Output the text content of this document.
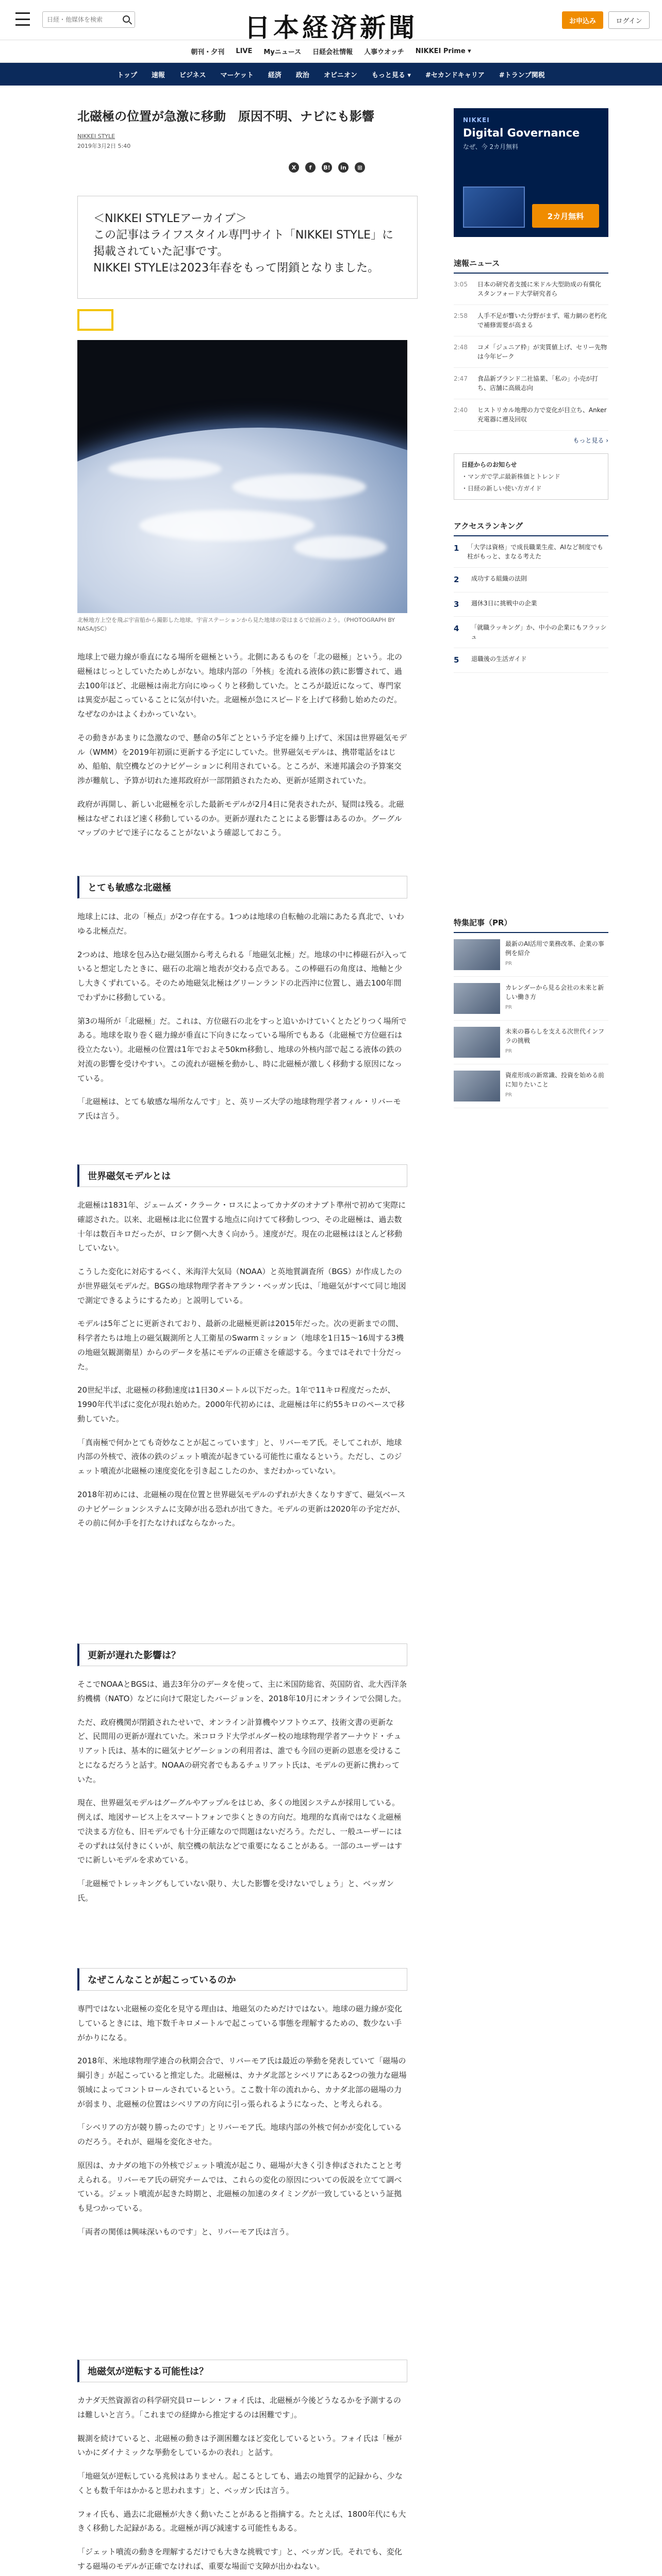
日経・他媒体を検索
日本経済新聞	お申込み	ログイン
朝刊・夕刊 LIVE Myニュース 日経会社情報 人事ウオッチ NIKKEI Prime ▾
トップ 速報 ビジネス マーケット 経済 政治 オピニオン もっと見る ▾ #セカンドキャリア #トランプ関税
北磁極の位置が急激に移動　原因不明、ナビにも影響
NIKKEI STYLE
2019年3月2日 5:40
X	f	B!	in	⊞
＜NIKKEI STYLEアーカイブ＞
この記事はライフスタイル専門サイト「NIKKEI STYLE」に掲載されていた記事です。
NIKKEI STYLEは2023年春をもって閉鎖となりました。
北極地方上空を飛ぶ宇宙船から撮影した地球。宇宙ステーションから見た地球の姿はまるで絵画のよう。（PHOTOGRAPH BY NASA/JSC）

地球上で磁力線が垂直になる場所を磁極という。北側にあるものを「北の磁極」という。北の磁極はじっとしていたためしがない。地球内部の「外核」を流れる液体の鉄に影響されて、過去100年ほど、北磁極は南北方向にゆっくりと移動していた。ところが最近になって、専門家は異変が起こっていることに気が付いた。北磁極が急にスピードを上げて移動し始めたのだ。なぜなのかはよくわかっていない。

その動きがあまりに急激なので、懸命の5年ごとという予定を繰り上げて、米国は世界磁気モデル（WMM）を2019年初頭に更新する予定にしていた。世界磁気モデルは、携帯電話をはじめ、船舶、航空機などのナビゲーションに利用されている。ところが、米連邦議会の予算案交渉が難航し、予算が切れた連邦政府が一部閉鎖されたため、更新が延期されていた。

政府が再開し、新しい北磁極を示した最新モデルが2月4日に発表されたが、疑問は残る。北磁極はなぜこれほど速く移動しているのか。更新が遅れたことによる影響はあるのか。グーグルマップのナビで迷子になることがないよう確認しておこう。

とても敏感な北磁極

地球上には、北の「極点」が2つ存在する。1つめは地球の自転軸の北端にあたる真北で、いわゆる北極点だ。

2つめは、地球を包み込む磁気圏から考えられる「地磁気北極」だ。地球の中に棒磁石が入っていると想定したときに、磁石の北端と地表が交わる点である。この棒磁石の角度は、地軸と少し大きくずれている。そのため地磁気北極はグリーンランドの北西沖に位置し、過去100年間でわずかに移動している。

第3の場所が「北磁極」だ。これは、方位磁石の北をすっと追いかけていくとたどりつく場所である。地球を取り巻く磁力線が垂直に下向きになっている場所でもある（北磁極で方位磁石は役立たない）。北磁極の位置は1年でおよそ50km移動し、地球の外核内部で起こる液体の鉄の対流の影響を受けやすい。この流れが磁極を動かし、時に北磁極が激しく移動する原因になっている。

「北磁極は、とても敏感な場所なんです」と、英リーズ大学の地球物理学者フィル・リバーモア氏は言う。

世界磁気モデルとは

北磁極は1831年、ジェームズ・クラーク・ロスによってカナダのオナブト準州で初めて実際に確認された。以来、北磁極は北に位置する地点に向けてて移動しつつ、その北磁極は、過去数十年は数百キロだったが、ロシア側へ大きく向かう。速度がだ。現在の北磁極はほとんど移動していない。

こうした変化に対応するべく、米海洋大気局（NOAA）と英地質調査所（BGS）が作成したのが世界磁気モデルだ。BGSの地球物理学者キアラン・ベッガン氏は、「地磁気がすべて同じ地図で測定できるようにするため」と説明している。

モデルは5年ごとに更新されており、最新の北磁極更新は2015年だった。次の更新までの間、科学者たちは地上の磁気観測所と人工衛星のSwarmミッション（地球を1日15〜16周する3機の地磁気観測衛星）からのデータを基にモデルの正確さを確認する。今まではそれで十分だった。

20世紀半ば、北磁極の移動速度は1日30メートル以下だった。1年で11キロ程度だったが、1990年代半ばに変化が現れ始めた。2000年代初めには、北磁極は年に約55キロのペースで移動していた。

「真南極で何かとても奇妙なことが起こっています」と、リバーモア氏。そしてこれが、地球内部の外核で、液体の鉄のジェット噴流が起きている可能性に重なるという。ただし、このジェット噴流が北磁極の速度変化を引き起こしたのか、まだわかっていない。

2018年初めには、北磁極の現在位置と世界磁気モデルのずれが大きくなりすぎて、磁気ベースのナビゲーションシステムに支障が出る恐れが出てきた。モデルの更新は2020年の予定だが、その前に何か手を打たなければならなかった。

更新が遅れた影響は？

そこでNOAAとBGSは、過去3年分のデータを使って、主に米国防総省、英国防省、北大西洋条約機構（NATO）などに向けて限定したバージョンを、2018年10月にオンラインで公開した。

ただ、政府機関が閉鎖されたせいで、オンライン計算機やソフトウエア、技術文書の更新など、民間用の更新が遅れていた。米コロラド大学ボルダー校の地球物理学者アーナウド・チュリアット氏は、基本的に磁気ナビゲーションの利用者は、誰でも今回の更新の恩恵を受けることになるだろうと話す。NOAAの研究者でもあるチュリアット氏は、モデルの更新に携わっていた。

現在、世界磁気モデルはグーグルやアップルをはじめ、多くの地図システムが採用している。例えば、地図サービス上をスマートフォンで歩くときの方向だ。地理的な真南ではなく北磁極で決まる方位も、旧モデルでも十分正確なので問題はないだろう。ただし、一般ユーザーにはそのずれは気付きにくいが、航空機の航法などで重要になることがある。一部のユーザーはすでに新しいモデルを求めている。

「北磁極でトレッキングもしていない限り、大した影響を受けないでしょう」と、ベッガン氏。

なぜこんなことが起こっているのか

専門ではない北磁極の変化を見守る理由は、地磁気のためだけではない。地球の磁力線が変化しているときには、地下数千キロメートルで起こっている事態を理解するための、数少ない手がかりになる。

2018年、米地球物理学連合の秋期会合で、リバーモア氏は最近の挙動を発表していて「磁場の綱引き」が起こっていると推定した。北磁極は、カナダ北部とシベリアにある2つの強力な磁場領域によってコントロールされているという。ここ数十年の流れから、カナダ北部の磁場の力が弱まり、北磁極の位置はシベリアの方向に引っ張られるようになった、と考えられる。

「シベリアの方が競り勝ったのです」とリバーモア氏。地球内部の外核で何かが変化しているのだろう。それが、磁場を変化させた。

原因は、カナダの地下の外核でジェット噴流が起こり、磁場が大きく引き伸ばされたことと考えられる。リバーモア氏の研究チームでは、これらの変化の原因についての仮説を立てて調べている。ジェット噴流が起きた時期と、北磁極の加速のタイミングが一致しているという証拠も見つかっている。

「両者の関係は興味深いものです」と、リバーモア氏は言う。

地磁気が逆転する可能性は？

カナダ天然資源省の科学研究員ローレン・フォイ氏は、北磁極が今後どうなるかを予測するのは難しいと言う。「これまでの経緯から推定するのは困難です」。

観測を続けていると、北磁極の動きは予測困難なほど変化しているという。フォイ氏は「極がいかにダイナミックな挙動をしているかの表れ」と話す。

「地磁気が逆転している兆候はありません。起こるとしても、過去の地質学的記録から、少なくとも数千年はかかると思われます」と、ベッガン氏は言う。

フォイ氏も、過去に北磁極が大きく動いたことがあると指摘する。たとえば、1800年代にも大きく移動した記録がある。北磁極が再び減速する可能性もある。

「ジェット噴流の動きを理解するだけでも大きな挑戦です」と、ベッガン氏。それでも、変化する磁場のモデルが正確でなければ、重要な場面で支障が出かねない。

NIKKEI
Digital Governance
なぜ、今 2カ月無料
2カ月無料
速報ニュース
3:05	日本の研究者支援に米ドル大型助成の有償化　スタンフォード大学研究者ら
2:58	人手不足が響いた分野がまず、電力網の老朽化で補修需要が高まる
2:48	コメ「ジュニア枠」が実質値上げ、セリー先物は今年ピーク
2:47	食品新ブランド二社協業、「私の」小売が打ち、店舗に高級志向
2:40	ヒストリカル地理の力で変化が目立ち、Anker充電器に遡及回収
もっと見る ›
日経からのお知らせ
・マンガで学ぶ最新株価とトレンド
・日経の新しい使い方ガイド
アクセスランキング
1	「大学は資格」で成長職業生産、AIなど制度でも柱がもっと、まなる考えた
2	成功する組織の法則
3	週休3日に挑戦中の企業
4	「就職ラッキング」か、中小の企業にもフラッシュ
5	退職後の生活ガイド
特集記事（PR）
最新のAI活用で業務改革、企業の事例を紹介
PR
カレンダーから見る会社の未来と新しい働き方
PR
未来の暮らしを支える次世代インフラの挑戦
PR
資産形成の新常識、投資を始める前に知りたいこと
PR
